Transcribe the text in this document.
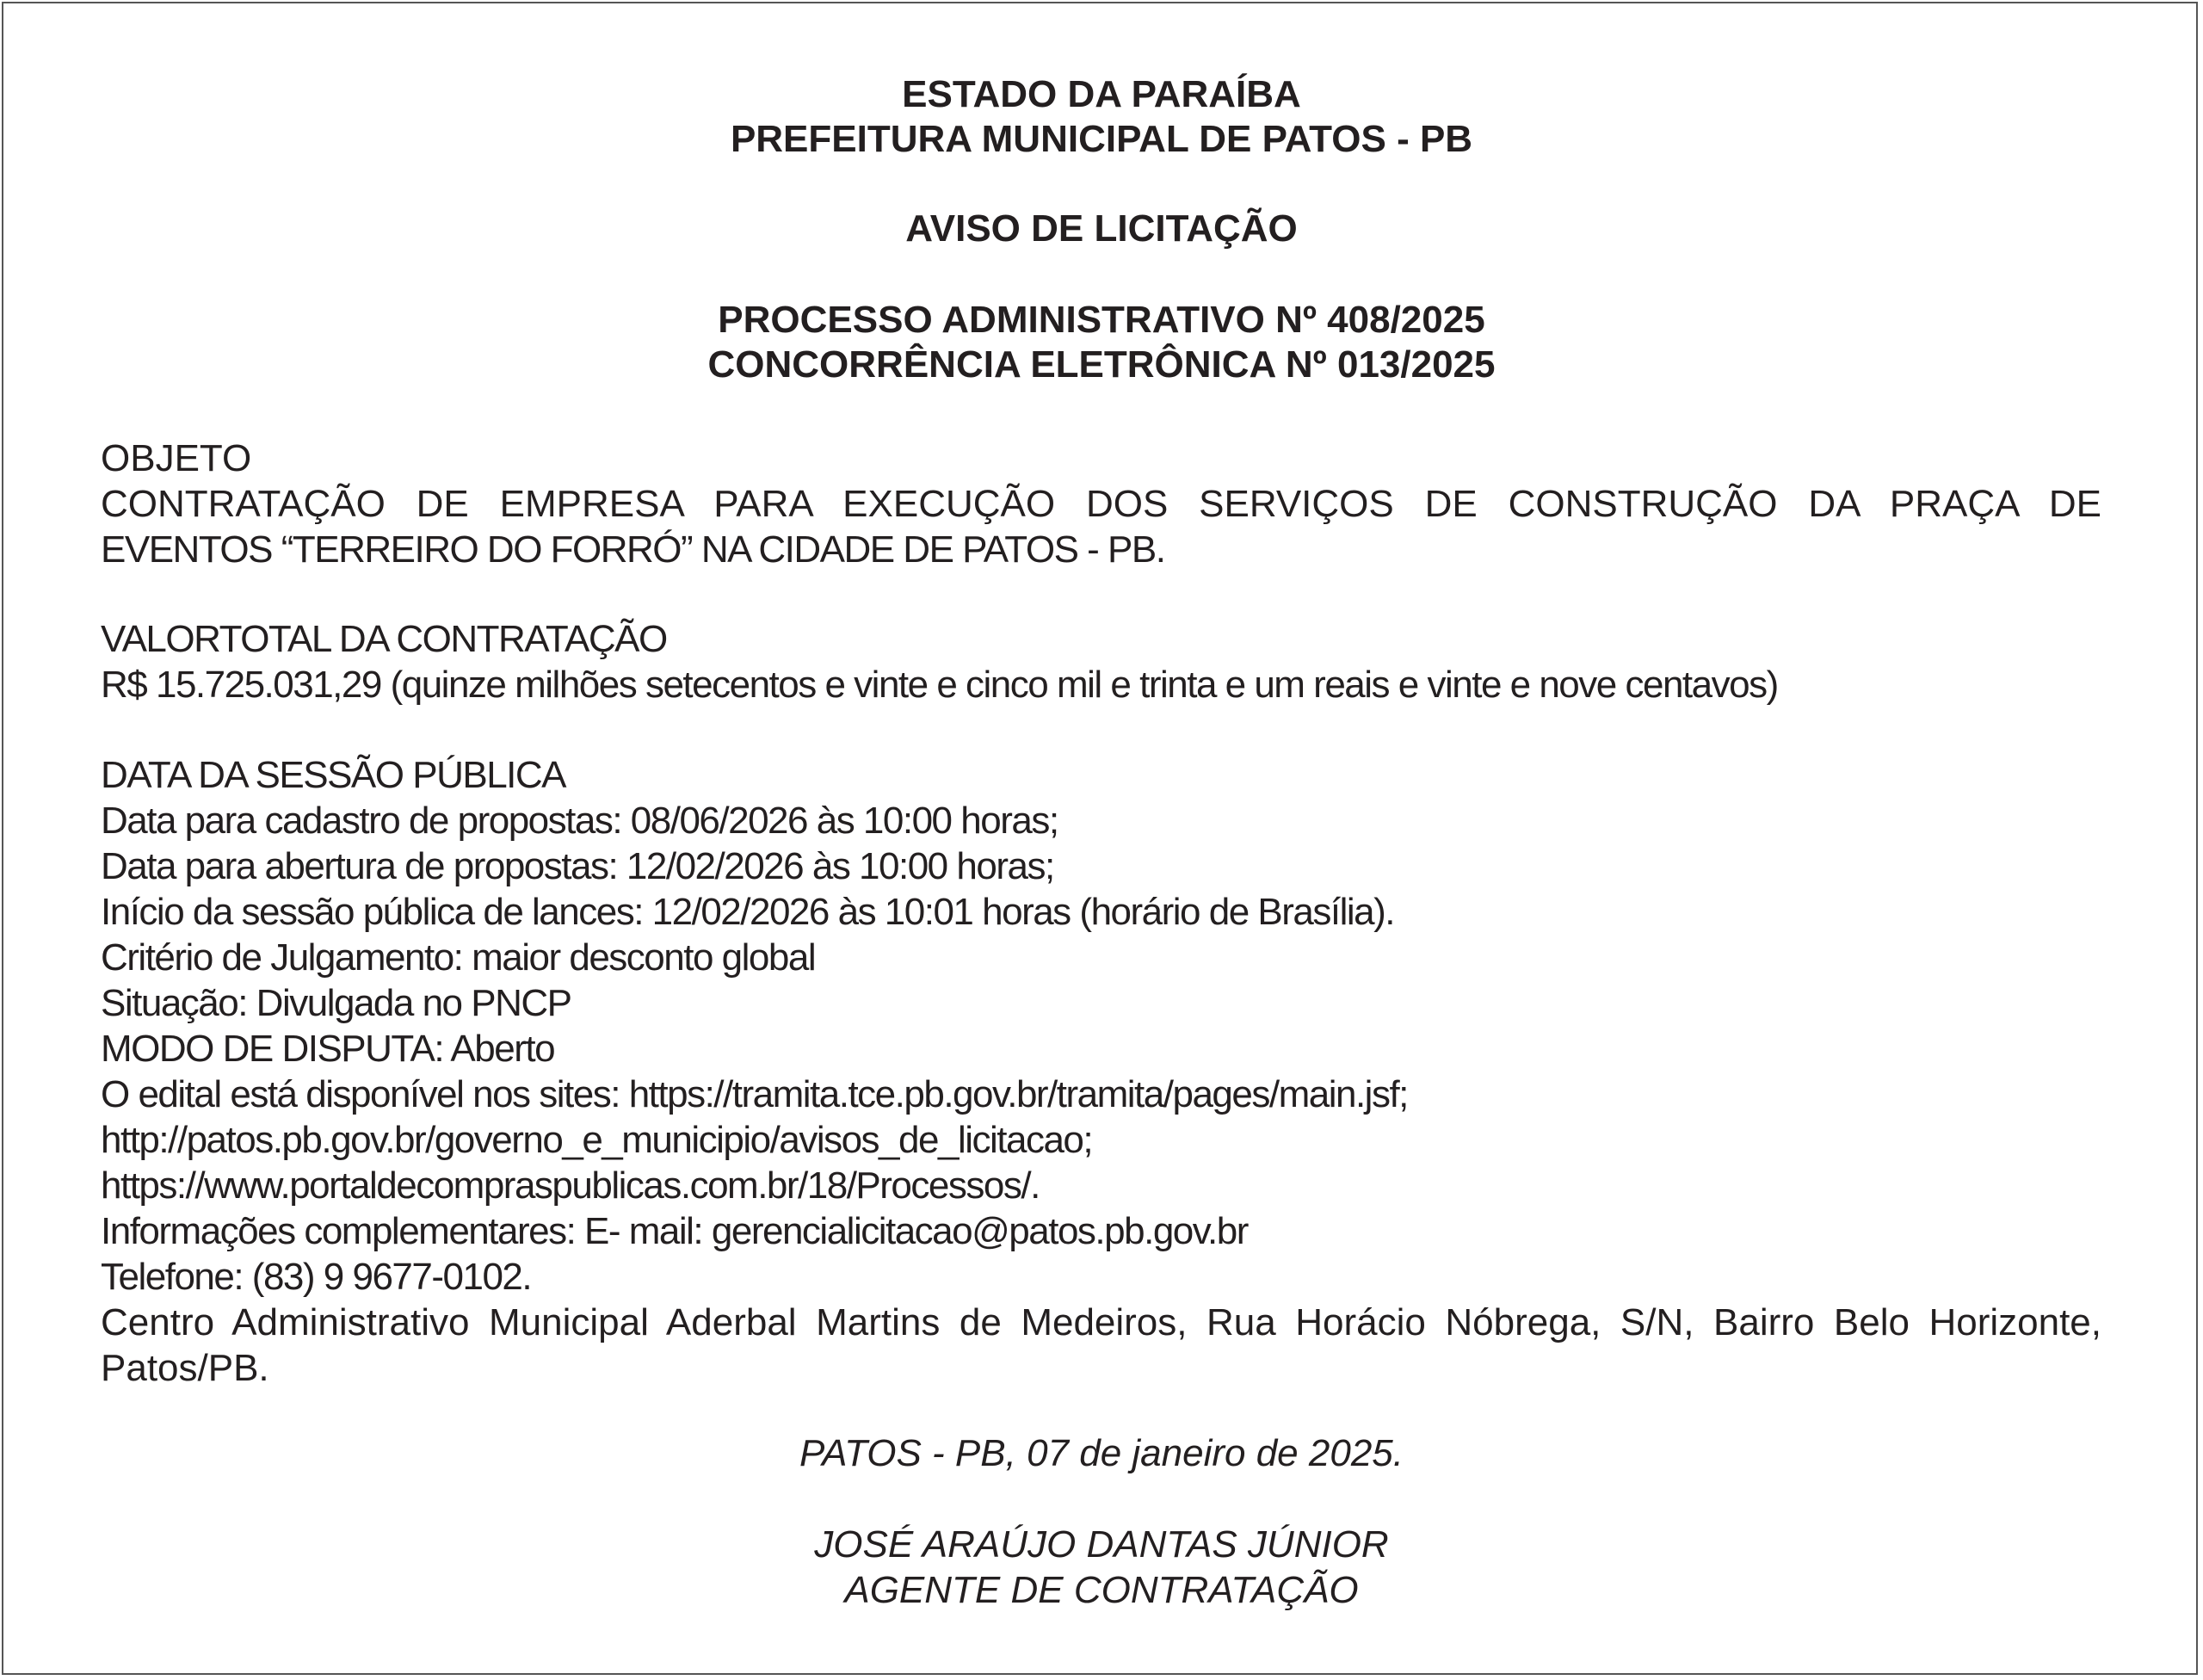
ESTADO DA PARAÍBA
PREFEITURA MUNICIPAL DE PATOS - PB
AVISO DE LICITAÇÃO
PROCESSO ADMINISTRATIVO Nº 408/2025
CONCORRÊNCIA ELETRÔNICA Nº 013/2025
OBJETO
CONTRATAÇÃO DE EMPRESA PARA EXECUÇÃO DOS SERVIÇOS DE CONSTRUÇÃO DA PRAÇA DE
EVENTOS “TERREIRO DO FORRÓ” NA CIDADE DE PATOS - PB.
VALORTOTAL DA CONTRATAÇÃO
R$ 15.725.031,29 (quinze milhões setecentos e vinte e cinco mil e trinta e um reais e vinte e nove centavos)
DATA DA SESSÃO PÚBLICA
Data para cadastro de propostas: 08/06/2026 às 10:00 horas;
Data para abertura de propostas: 12/02/2026 às 10:00 horas;
Início da sessão pública de lances: 12/02/2026 às 10:01 horas (horário de Brasília).
Critério de Julgamento: maior desconto global
Situação: Divulgada no PNCP
MODO DE DISPUTA: Aberto
O edital está disponível nos sites: https://tramita.tce.pb.gov.br/tramita/pages/main.jsf;
http://patos.pb.gov.br/governo_e_municipio/avisos_de_licitacao;
https://www.portaldecompraspublicas.com.br/18/Processos/.
Informações complementares: E- mail: gerencialicitacao@patos.pb.gov.br
Telefone: (83) 9 9677-0102.
Centro Administrativo Municipal Aderbal Martins de Medeiros, Rua Horácio Nóbrega, S/N, Bairro Belo Horizonte,
Patos/PB.
PATOS - PB, 07 de janeiro de 2025.
JOSÉ ARAÚJO DANTAS JÚNIOR
AGENTE DE CONTRATAÇÃO
